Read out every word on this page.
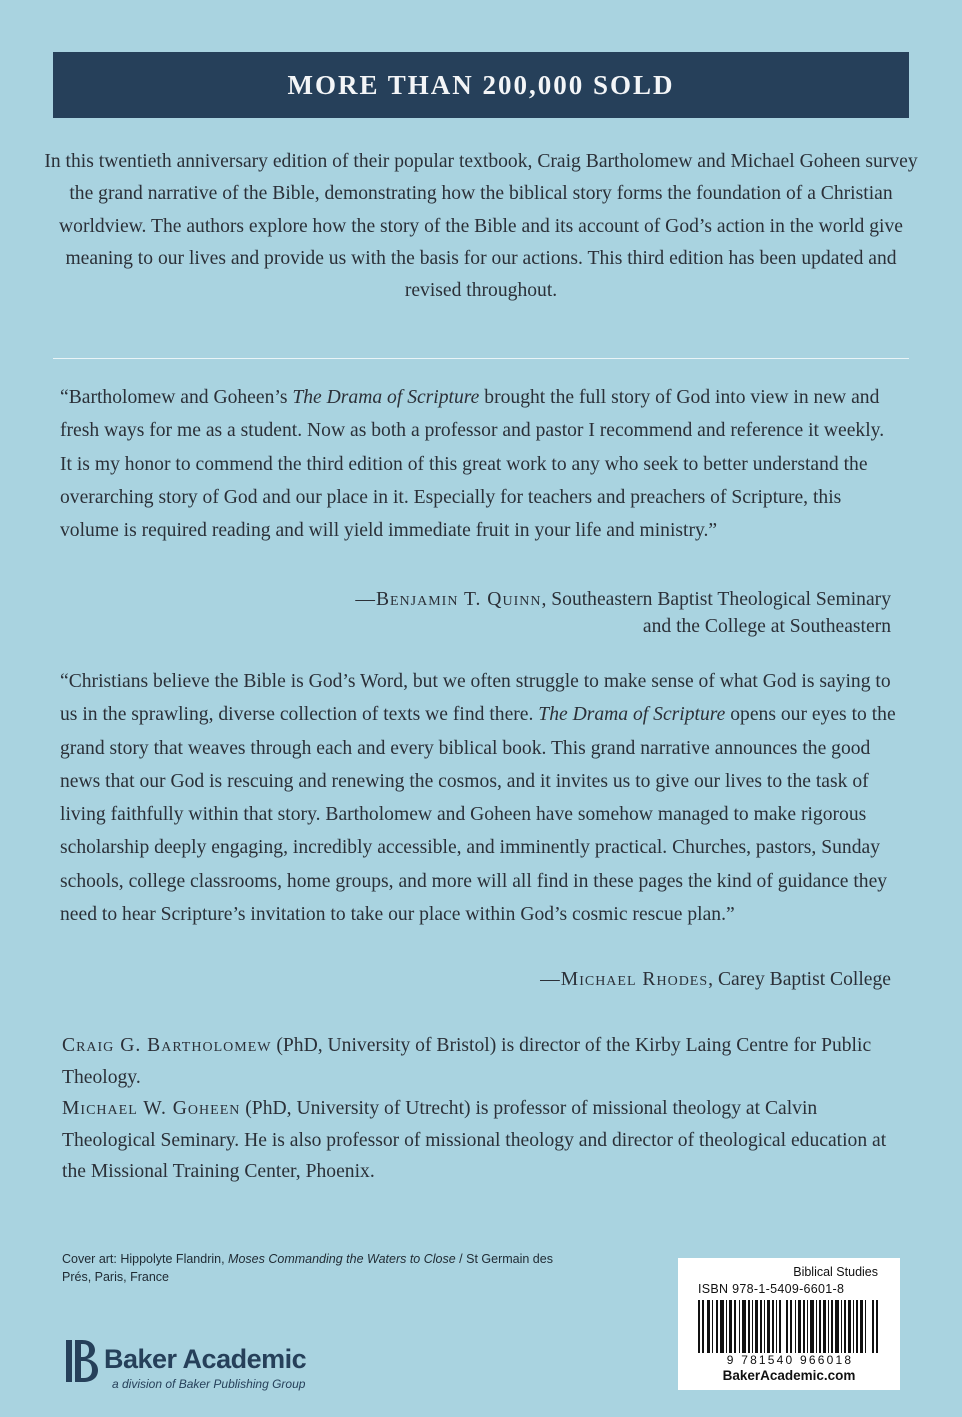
MORE THAN 200,000 SOLD
In this twentieth anniversary edition of their popular textbook, Craig Bartholomew and Michael Goheen survey the grand narrative of the Bible, demonstrating how the biblical story forms the foundation of a Christian worldview. The authors explore how the story of the Bible and its account of God’s action in the world give meaning to our lives and provide us with the basis for our actions. This third edition has been updated and revised throughout.
“Bartholomew and Goheen’s The Drama of Scripture brought the full story of God into view in new and fresh ways for me as a student. Now as both a professor and pastor I recommend and reference it weekly. It is my honor to commend the third edition of this great work to any who seek to better understand the overarching story of God and our place in it. Especially for teachers and preachers of Scripture, this volume is required reading and will yield immediate fruit in your life and ministry.”
—Benjamin T. Quinn, Southeastern Baptist Theological Seminary
and the College at Southeastern
“Christians believe the Bible is God’s Word, but we often struggle to make sense of what God is saying to us in the sprawling, diverse collection of texts we find there. The Drama of Scripture opens our eyes to the grand story that weaves through each and every biblical book. This grand narrative announces the good news that our God is rescuing and renewing the cosmos, and it invites us to give our lives to the task of living faithfully within that story. Bartholomew and Goheen have somehow managed to make rigorous scholarship deeply engaging, incredibly accessible, and imminently practical. Churches, pastors, Sunday schools, college classrooms, home groups, and more will all find in these pages the kind of guidance they need to hear Scripture’s invitation to take our place within God’s cosmic rescue plan.”
—Michael Rhodes, Carey Baptist College
Craig G. Bartholomew (PhD, University of Bristol) is director of the Kirby Laing Centre for Public Theology.
Michael W. Goheen (PhD, University of Utrecht) is professor of missional theology at Calvin Theological Seminary. He is also professor of missional theology and director of theological education at the Missional Training Center, Phoenix.
Cover art: Hippolyte Flandrin, Moses Commanding the Waters to Close / St Germain des Prés, Paris, France
Baker Academic
a division of Baker Publishing Group
Biblical Studies
ISBN 978-1-5409-6601-8
9 781540 966018
BakerAcademic.com
